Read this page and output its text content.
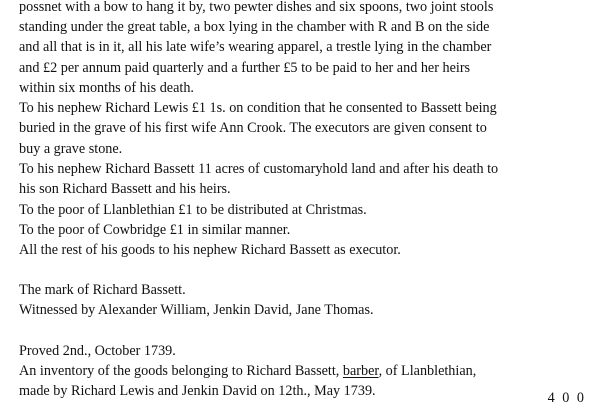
possnet with a bow to hang it by, two pewter dishes and six spoons, two joint stools
standing under the great table, a box lying in the chamber with R and B on the side
and all that is in it, all his late wife’s wearing apparel, a trestle lying in the chamber
and £2 per annum paid quarterly and a further £5 to be paid to her and her heirs
within six months of his death.
To his nephew Richard Lewis £1 1s. on condition that he consented to Bassett being
buried in the grave of his first wife Ann Crook. The executors are given consent to
buy a grave stone.
To his nephew Richard Bassett 11 acres of customaryhold land and after his death to
his son Richard Bassett and his heirs.
To the poor of Llanblethian £1 to be distributed at Christmas.
To the poor of Cowbridge £1 in similar manner.
All the rest of his goods to his nephew Richard Bassett as executor.
The mark of Richard Bassett.
Witnessed by Alexander William, Jenkin David, Jane Thomas.
Proved 2nd., October 1739.
An inventory of the goods belonging to Richard Bassett, barber, of Llanblethian,
made by Richard Lewis and Jenkin David on 12th., May 1739.	4 0 0
